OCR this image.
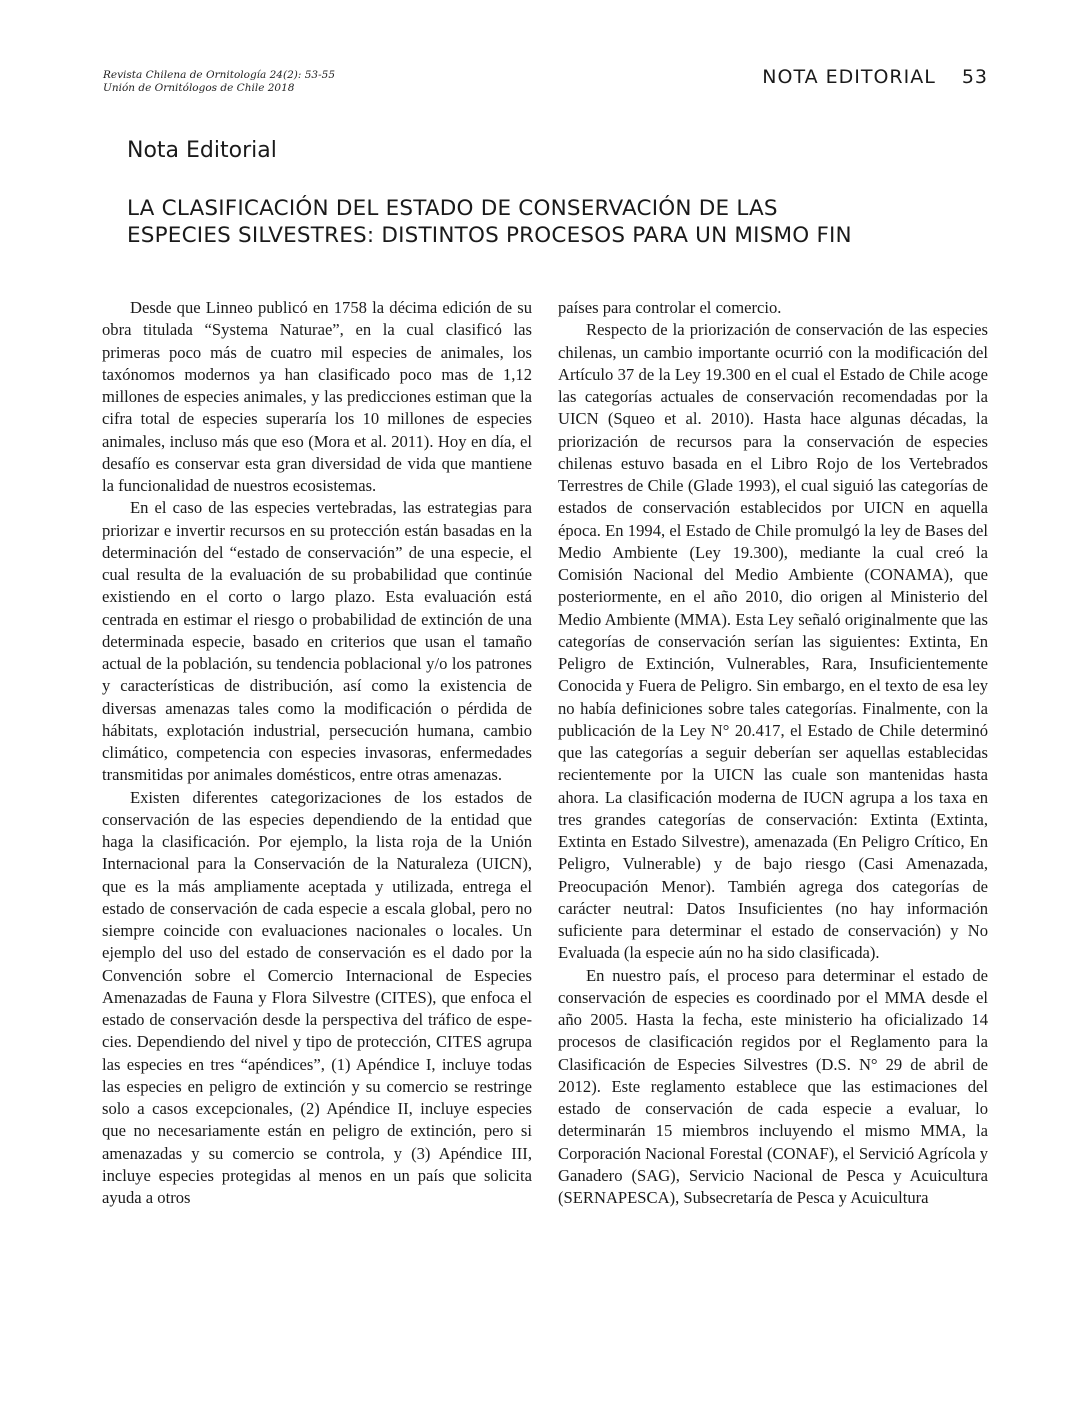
Revista Chilena de Ornitología 24(2): 53-55
Unión de Ornitólogos de Chile 2018	NOTA EDITORIAL 53
Nota Editorial
LA CLASIFICACIÓN DEL ESTADO DE CONSERVACIÓN DE LAS
ESPECIES SILVESTRES: DISTINTOS PROCESOS PARA UN MISMO FIN

Desde que Linneo publicó en 1758 la décima edición de su obra titulada “Systema Naturae”, en la cual clasificó las primeras poco más de cuatro mil especies de animales, los taxónomos modernos ya han clasificado poco mas de 1,12 millones de especies animales, y las predicciones estiman que la cifra total de especies superaría los 10 millones de especies animales, incluso más que eso (Mora et al. 2011). Hoy en día, el desafío es conservar esta gran diversidad de vida que mantiene la funcionalidad de nuestros ecosistemas.

En el caso de las especies vertebradas, las estrategias para priorizar e invertir recursos en su protección están basadas en la determinación del “estado de conservación” de una especie, el cual resulta de la evaluación de su probabilidad que continúe existiendo en el corto o largo plazo. Esta evaluación está centrada en estimar el riesgo o probabilidad de extinción de una determinada especie, basado en criterios que usan el tamaño actual de la población, su tendencia poblacional y/o los patrones y características de distribución, así como la existencia de diversas amenazas tales como la modificación o pérdida de hábitats, explotación industrial, persecución humana, cambio climático, competencia con especies invasoras, enfermedades transmitidas por animales domésticos, entre otras amenazas.

Existen diferentes categorizaciones de los estados de conservación de las especies dependiendo de la entidad que haga la clasificación. Por ejemplo, la lista roja de la Unión Internacional para la Conservación de la Naturaleza (UICN), que es la más ampliamente aceptada y utilizada, entrega el estado de conservación de cada especie a escala global, pero no siempre coincide con evaluaciones nacionales o locales. Un ejemplo del uso del estado de conservación es el dado por la Convención sobre el Comercio Internacional de Especies Amenazadas de Fauna y Flora Silvestre (CITES), que enfoca el estado de conservación desde la perspectiva del tráfico de especies. Dependiendo del nivel y tipo de protección, CITES agrupa las especies en tres “apéndices”, (1) Apéndice I, incluye todas las especies en peligro de extinción y su comercio se restringe solo a casos excepcionales, (2) Apéndice II, incluye especies que no necesariamente están en peligro de extinción, pero si amenazadas y su comercio se controla, y (3) Apéndice III, incluye especies protegidas al menos en un país que solicita ayuda a otros

países para controlar el comercio.

Respecto de la priorización de conservación de las especies chilenas, un cambio importante ocurrió con la modificación del Artículo 37 de la Ley 19.300 en el cual el Estado de Chile acoge las categorías actuales de conservación recomendadas por la UICN (Squeo et al. 2010). Hasta hace algunas décadas, la priorización de recursos para la conservación de especies chilenas estuvo basada en el Libro Rojo de los Vertebrados Terrestres de Chile (Glade 1993), el cual siguió las categorías de estados de conservación establecidos por UICN en aquella época. En 1994, el Estado de Chile promulgó la ley de Bases del Medio Ambiente (Ley 19.300), mediante la cual creó la Comisión Nacional del Medio Ambiente (CONAMA), que posteriormente, en el año 2010, dio origen al Ministerio del Medio Ambiente (MMA). Esta Ley señaló originalmente que las categorías de conservación serían las siguientes: Extinta, En Peligro de Extinción, Vulnerables, Rara, Insuficientemente Conocida y Fuera de Peligro. Sin embargo, en el texto de esa ley no había definiciones sobre tales categorías. Finalmente, con la publicación de la Ley N° 20.417, el Estado de Chile determinó que las categorías a seguir deberían ser aquellas establecidas recientemente por la UICN las cuale son mantenidas hasta ahora. La clasificación moderna de IUCN agrupa a los taxa en tres grandes categorías de conservación: Extinta (Extinta, Extinta en Estado Silvestre), amenazada (En Peligro Crítico, En Peligro, Vulnerable) y de bajo riesgo (Casi Amenazada, Preocupación Menor). También agrega dos categorías de carácter neutral: Datos Insuficientes (no hay información suficiente para determinar el estado de conservación) y No Evaluada (la especie aún no ha sido clasificada).

En nuestro país, el proceso para determinar el estado de conservación de especies es coordinado por el MMA desde el año 2005. Hasta la fecha, este ministerio ha oficializado 14 procesos de clasificación regidos por el Reglamento para la Clasificación de Especies Silvestres (D.S. N° 29 de abril de 2012). Este reglamento establece que las estimaciones del estado de conservación de cada especie a evaluar, lo determinarán 15 miembros incluyendo el mismo MMA, la Corporación Nacional Forestal (CONAF), el Servició Agrícola y Ganadero (SAG), Servicio Nacional de Pesca y Acuicultura (SERNAPESCA), Subsecretaría de Pesca y Acuicultura
